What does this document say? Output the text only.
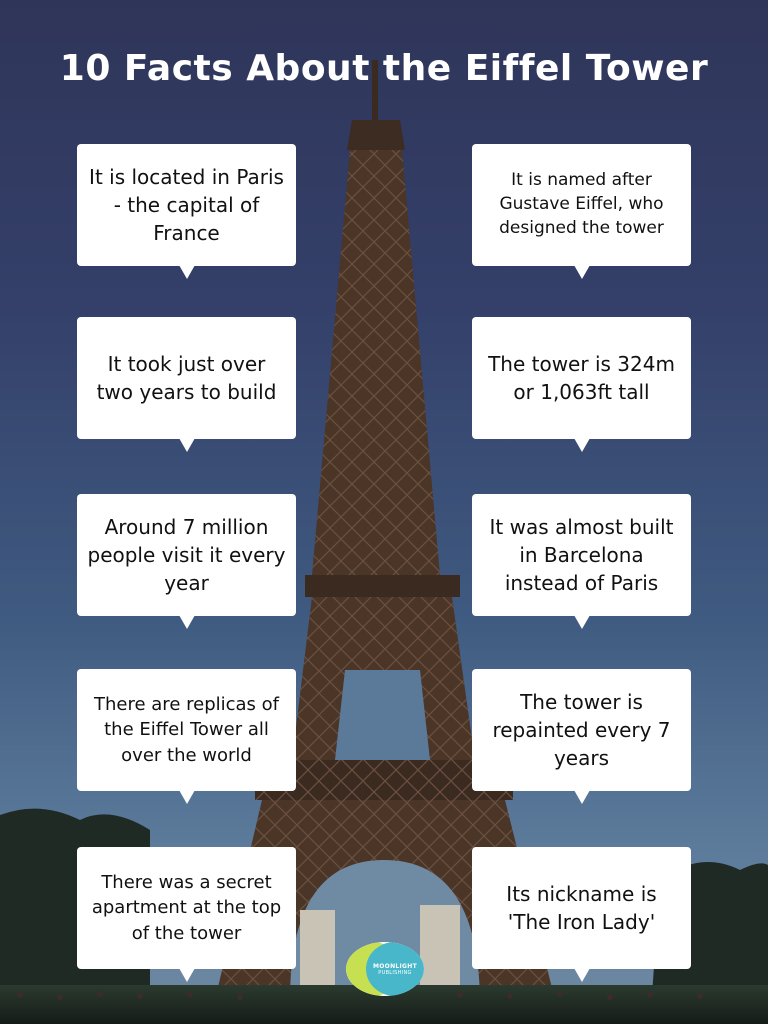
10 Facts About the Eiffel Tower
It is located in Paris - the capital of France
It is named after Gustave Eiffel, who designed the tower
It took just over two years to build
The tower is 324m or 1,063ft tall
Around 7 million people visit it every year
It was almost built in Barcelona instead of Paris
There are replicas of the Eiffel Tower all over the world
The tower is repainted every 7 years
There was a secret apartment at the top of the tower
Its nickname is 'The Iron Lady'
MOONLIGHT
PUBLISHING
